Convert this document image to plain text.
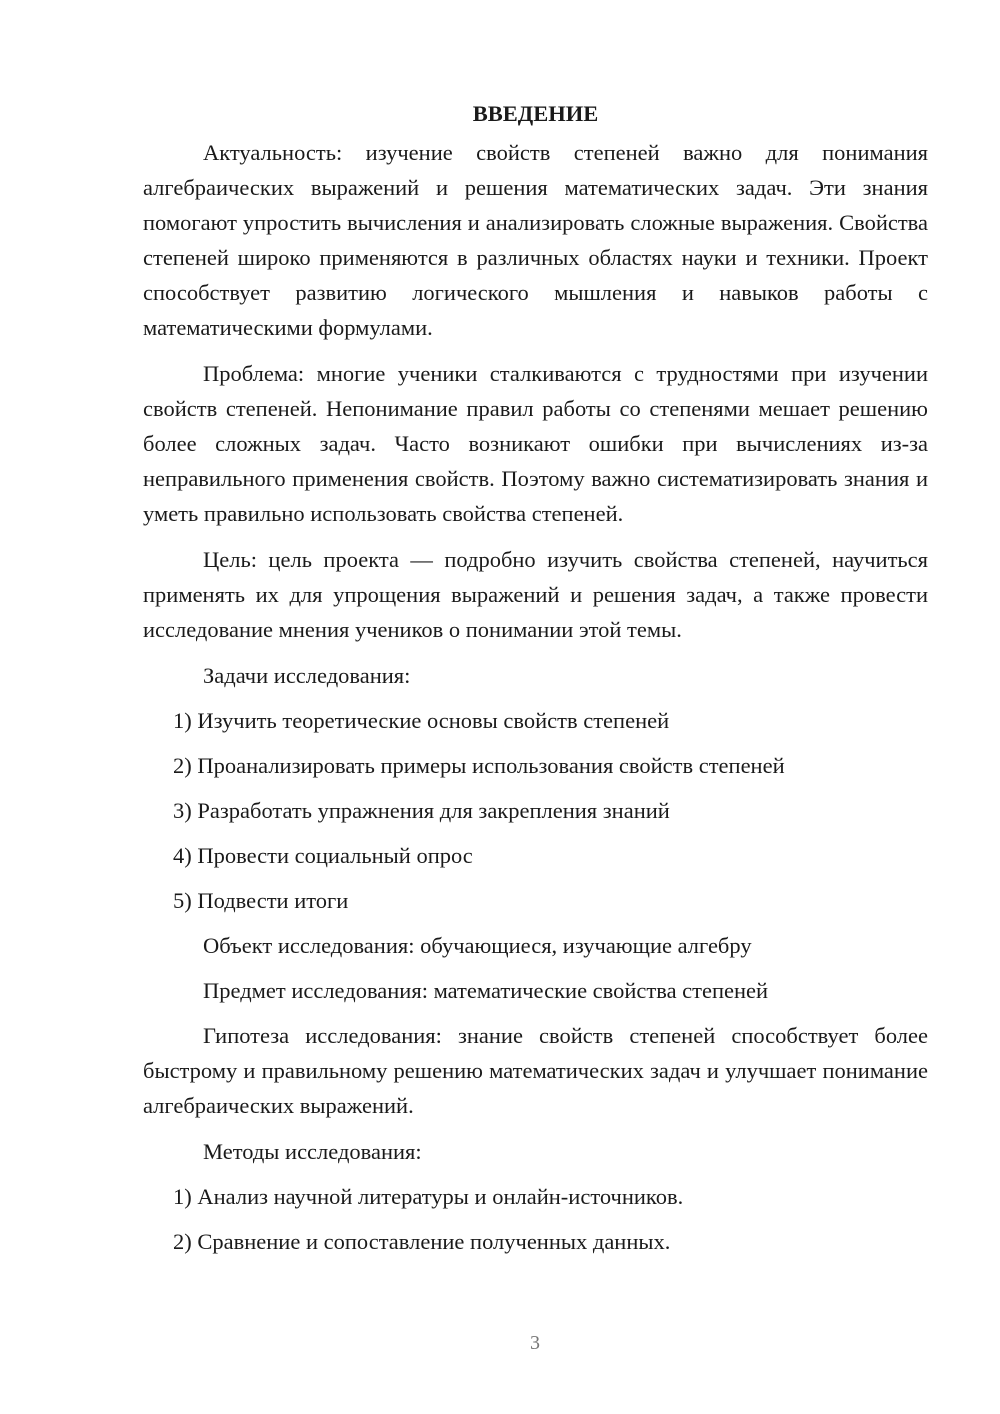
ВВЕДЕНИЕ

Актуальность: изучение свойств степеней важно для понимания алгебраических выражений и решения математических задач. Эти знания помогают упростить вычисления и анализировать сложные выражения. Свойства степеней широко применяются в различных областях науки и техники. Проект способствует развитию логического мышления и навыков работы с математическими формулами.

Проблема: многие ученики сталкиваются с трудностями при изучении свойств степеней. Непонимание правил работы со степенями мешает решению более сложных задач. Часто возникают ошибки при вычислениях из-за неправильного применения свойств. Поэтому важно систематизировать знания и уметь правильно использовать свойства степеней.

Цель: цель проекта — подробно изучить свойства степеней, научиться применять их для упрощения выражений и решения задач, а также провести исследование мнения учеников о понимании этой темы.

Задачи исследования:

1) Изучить теоретические основы свойств степеней

2) Проанализировать примеры использования свойств степеней

3) Разработать упражнения для закрепления знаний

4) Провести социальный опрос

5) Подвести итоги

Объект исследования: обучающиеся, изучающие алгебру

Предмет исследования: математические свойства степеней

Гипотеза исследования: знание свойств степеней способствует более быстрому и правильному решению математических задач и улучшает понимание алгебраических выражений.

Методы исследования:

1) Анализ научной литературы и онлайн-источников.

2) Сравнение и сопоставление полученных данных.

3
